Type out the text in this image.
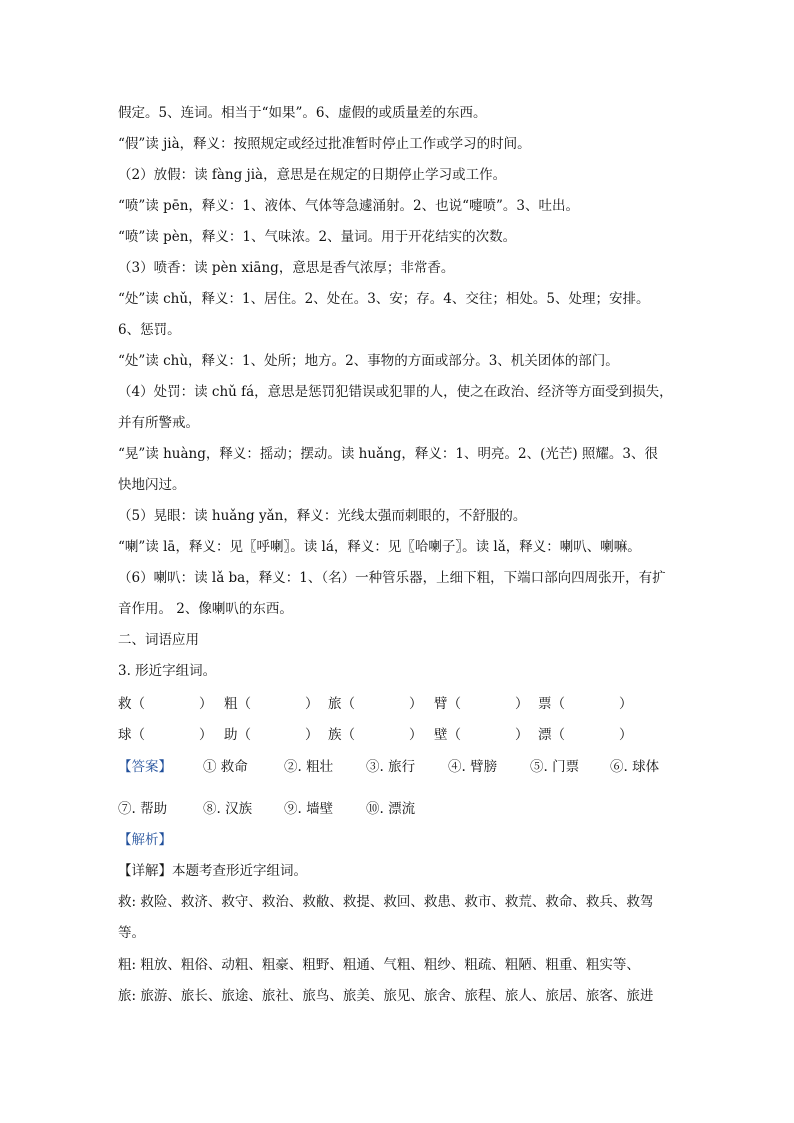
假定。5、连词。相当于“如果”。6、虚假的或质量差的东西。
“假”读 jià，释义：按照规定或经过批准暂时停止工作或学习的时间。
（2）放假：读 fàng jià，意思是在规定的日期停止学习或工作。
“喷”读 pēn，释义：1、液体、气体等急遽涌射。2、也说“嚏喷”。3、吐出。
“喷”读 pèn，释义：1、气味浓。2、量词。用于开花结实的次数。
（3）喷香：读 pèn xiāng，意思是香气浓厚；非常香。
“处”读 chǔ，释义：1、居住。2、处在。3、安；存。4、交往；相处。5、处理；安排。
6、惩罚。
“处”读 chù，释义：1、处所；地方。2、事物的方面或部分。3、机关团体的部门。
（4）处罚：读 chǔ fá，意思是惩罚犯错误或犯罪的人，使之在政治、经济等方面受到损失，
并有所警戒。
“晃”读 huàng，释义：摇动；摆动。读 huǎng，释义：1、明亮。2、(光芒) 照耀。3、很
快地闪过。
（5）晃眼：读 huǎng yǎn，释义：光线太强而刺眼的，不舒服的。
“喇”读 lā，释义：见〖呼喇〗。读 lá，释义：见〖哈喇子〗。读 lǎ，释义：喇叭、喇嘛。
（6）喇叭：读 lǎ ba，释义：1、（名）一种管乐器，上细下粗，下端口部向四周张开，有扩
音作用。 2、像喇叭的东西。
二、词语应用
3. 形近字组词。
救（　　　　） 粗（　　　　） 旅（　　　　） 臂（　　　　） 票（　　　　）
球（　　　　） 助（　　　　） 族（　　　　） 壁（　　　　） 漂（　　　　）
【答案】 ① 救命	②. 粗壮 ③. 旅行 ④. 臂膀 ⑤. 门票 ⑥. 球体
⑦. 帮助	⑧. 汉族 ⑨. 墙壁 ⑩. 漂流
【解析】
【详解】本题考查形近字组词。
救: 救险、救济、救守、救治、救敝、救提、救回、救患、救市、救荒、救命、救兵、救驾
等。
粗: 粗放、粗俗、动粗、粗豪、粗野、粗通、气粗、粗纱、粗疏、粗陋、粗重、粗实等、
旅: 旅游、旅长、旅途、旅社、旅鸟、旅美、旅见、旅舍、旅程、旅人、旅居、旅客、旅进
